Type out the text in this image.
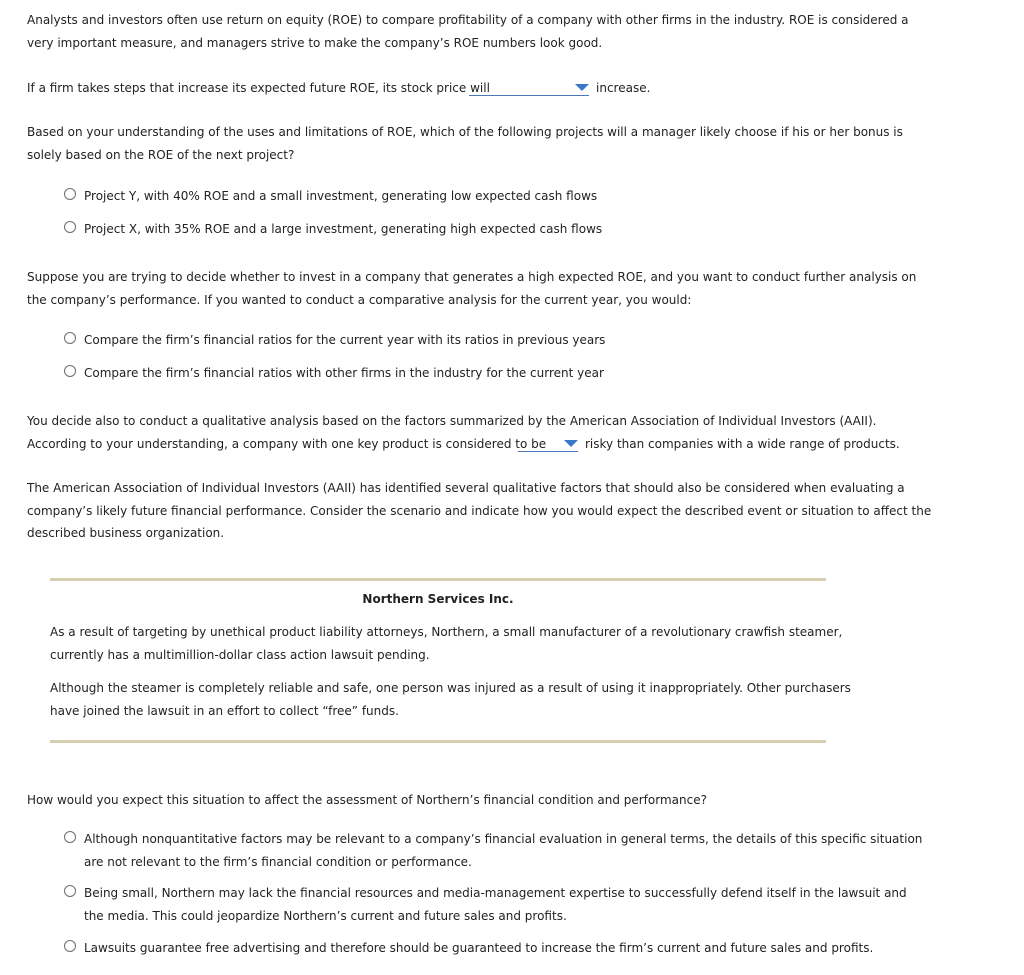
Analysts and investors often use return on equity (ROE) to compare profitability of a company with other firms in the industry. ROE is considered a
very important measure, and managers strive to make the company’s ROE numbers look good.

If a firm takes steps that increase its expected future ROE, its stock price will	increase.

Based on your understanding of the uses and limitations of ROE, which of the following projects will a manager likely choose if his or her bonus is
solely based on the ROE of the next project?

Project Y, with 40% ROE and a small investment, generating low expected cash flows
Project X, with 35% ROE and a large investment, generating high expected cash flows

Suppose you are trying to decide whether to invest in a company that generates a high expected ROE, and you want to conduct further analysis on
the company’s performance. If you wanted to conduct a comparative analysis for the current year, you would:

Compare the firm’s financial ratios for the current year with its ratios in previous years
Compare the firm’s financial ratios with other firms in the industry for the current year
You decide also to conduct a qualitative analysis based on the factors summarized by the American Association of Individual Investors (AAII).
According to your understanding, a company with one key product is considered to be	risky than companies with a wide range of products.

The American Association of Individual Investors (AAII) has identified several qualitative factors that should also be considered when evaluating a
company’s likely future financial performance. Consider the scenario and indicate how you would expect the described event or situation to affect the
described business organization.

Northern Services Inc.

As a result of targeting by unethical product liability attorneys, Northern, a small manufacturer of a revolutionary crawfish steamer,
currently has a multimillion-dollar class action lawsuit pending.

Although the steamer is completely reliable and safe, one person was injured as a result of using it inappropriately. Other purchasers
have joined the lawsuit in an effort to collect “free” funds.

How would you expect this situation to affect the assessment of Northern’s financial condition and performance?
Although nonquantitative factors may be relevant to a company’s financial evaluation in general terms, the details of this specific situation
are not relevant to the firm’s financial condition or performance.
Being small, Northern may lack the financial resources and media-management expertise to successfully defend itself in the lawsuit and
the media. This could jeopardize Northern’s current and future sales and profits.
Lawsuits guarantee free advertising and therefore should be guaranteed to increase the firm’s current and future sales and profits.
